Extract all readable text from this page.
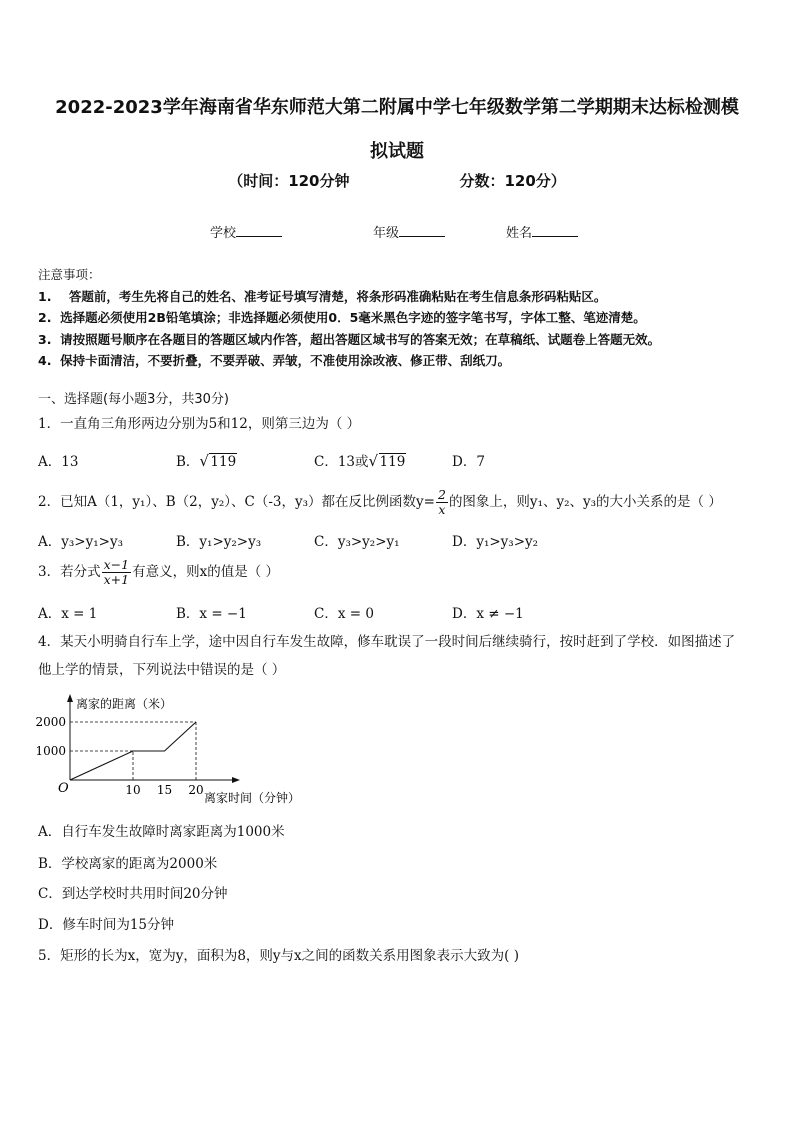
2022-2023学年海南省华东师范大第二附属中学七年级数学第二学期期末达标检测模
拟试题
（时间：120分钟	分数：120分）
学校	年级	姓名
注意事项：
1. 答题前，考生先将自己的姓名、准考证号填写清楚，将条形码准确粘贴在考生信息条形码粘贴区。
2. 选择题必须使用2B铅笔填涂；非选择题必须使用0．5毫米黑色字迹的签字笔书写，字体工整、笔迹清楚。
3. 请按照题号顺序在各题目的答题区域内作答，超出答题区域书写的答案无效；在草稿纸、试题卷上答题无效。
4. 保持卡面清洁，不要折叠，不要弄破、弄皱，不准使用涂改液、修正带、刮纸刀。
一、选择题(每小题3分，共30分)
1．一直角三角形两边分别为5和12，则第三边为（ ）
A．13	B． √ 119	C．13或 √ 119	D．7
2．已知A（1，y₁）、B（2，y₂）、C（-3，y₃）都在反比例函数$y= \frac{2}{x}$ 的图象上，则y₁、y₂、y₃的大小关系的是（ ）
A．y₃>y₁>y₃	B．y₁>y₂>y₃	C．y₃>y₂>y₁	D．y₁>y₃>y₂
3．若分式 $\frac{x-1}{x+1}$ 有意义，则x的值是（ ）
A．x = 1	B．x = −1	C．x = 0	D．x ≠ −1
4．某天小明骑自行车上学，途中因自行车发生故障，修车耽误了一段时间后继续骑行，按时赶到了学校．如图描述了
他上学的情景，下列说法中错误的是（ ）
离家的距离（米）
离家时间（分钟）
O
1000
2000
10 15 20
A．自行车发生故障时离家距离为1000米
B．学校离家的距离为2000米
C．到达学校时共用时间20分钟
D．修车时间为15分钟
5．矩形的长为x，宽为y，面积为8，则y与x之间的函数关系用图象表示大致为( )
